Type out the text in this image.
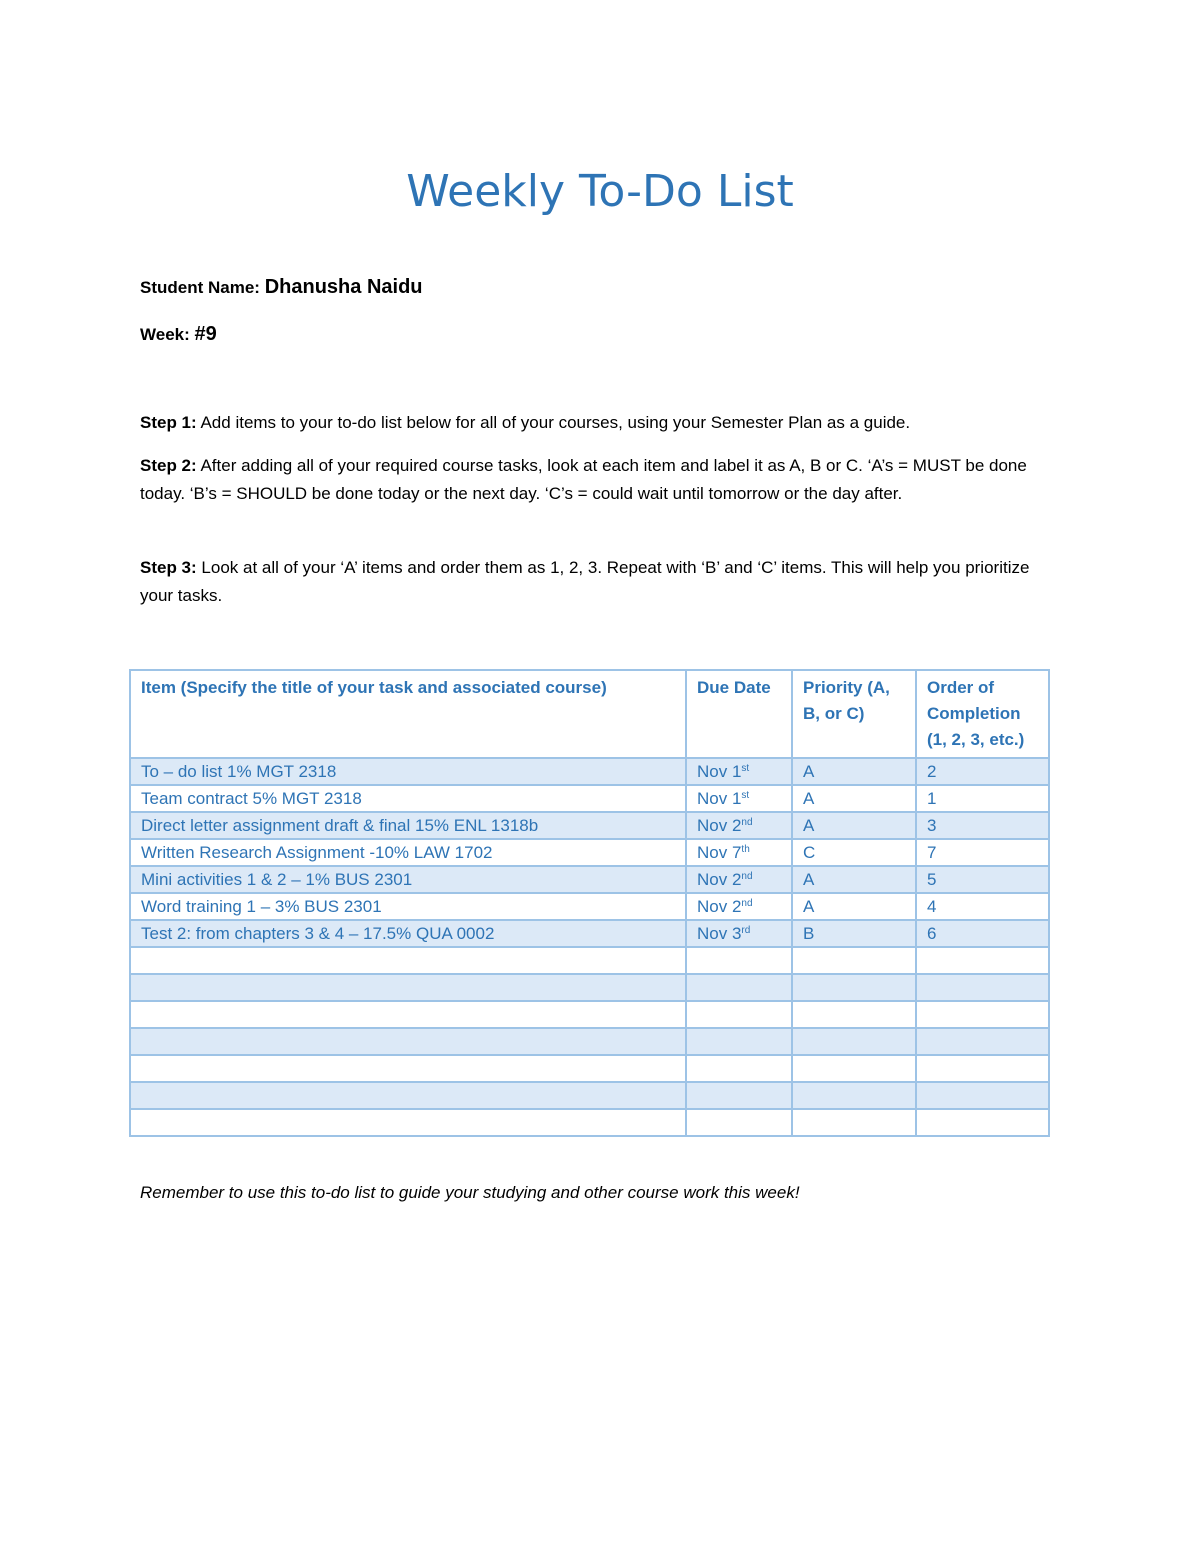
Weekly To-Do List
Student Name: Dhanusha Naidu
Week: #9

Step 1: Add items to your to-do list below for all of your courses, using your Semester Plan as a guide.

Step 2: After adding all of your required course tasks, look at each item and label it as A, B or C. ‘A’s = MUST be done today. ‘B’s = SHOULD be done today or the next day. ‘C’s = could wait until tomorrow or the day after.

Step 3: Look at all of your ‘A’ items and order them as 1, 2, 3. Repeat with ‘B’ and ‘C’ items. This will help you prioritize your tasks.

Item (Specify the title of your task and associated course)	Due Date	Priority (A, B, or C)	Order of Completion (1, 2, 3, etc.)
To – do list 1% MGT 2318	Nov 1st	A	2
Team contract 5% MGT 2318	Nov 1st	A	1
Direct letter assignment draft & final 15% ENL 1318b	Nov 2nd	A	3
Written Research Assignment -10% LAW 1702	Nov 7th	C	7
Mini activities 1 & 2 – 1% BUS 2301	Nov 2nd	A	5
Word training 1 – 3% BUS 2301	Nov 2nd	A	4
Test 2: from chapters 3 & 4 – 17.5% QUA 0002	Nov 3rd	B	6

Remember to use this to-do list to guide your studying and other course work this week!
